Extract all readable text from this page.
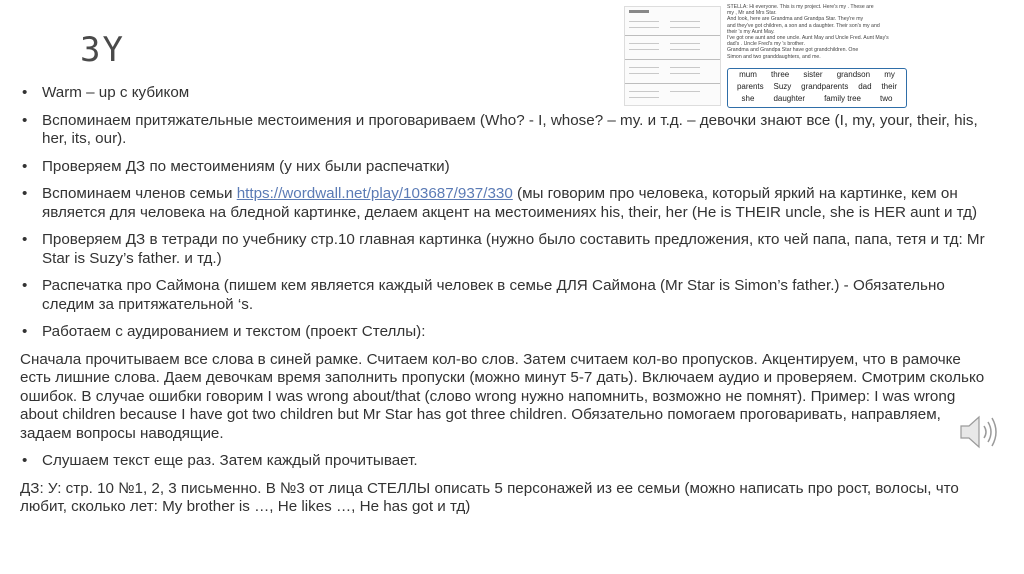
3Y
STELLA: Hi everyone. This is my project. Here's my . These are
my , Mr and Mrs Star.
And look, here are Grandma and Grandpa Star. They're my
and they've got children, a son and a daughter. Their son's my and
their 's my Aunt May.
I've got one aunt and one uncle. Aunt May and Uncle Fred. Aunt May's
dad's . Uncle Fred's my 's brother.
Grandma and Grandpa Star have got grandchildren. One
Simon and two granddaughters, and me.
mum three sister grandson my
parents Suzy grandparents dad their
she daughter family tree two
• Warm – up с кубиком
• Вспоминаем притяжательные местоимения и проговариваем (Who? - I, whose? – my. и т.д. – девочки знают все (I, my, your, their, his, her, its, our).
• Проверяем ДЗ по местоимениям (у них были распечатки)
• Вспоминаем членов семьи https://wordwall.net/play/103687/937/330 (мы говорим про человека, который яркий на картинке, кем он является для человека на бледной картинке, делаем акцент на местоимениях his, their, her (He is THEIR uncle, she is HER aunt и тд)
• Проверяем ДЗ в тетради по учебнику стр.10 главная картинка (нужно было составить предложения, кто чей папа, папа, тетя и тд: Mr Star is Suzy’s father. и тд.)
• Распечатка про Саймона (пишем кем является каждый человек в семье ДЛЯ Саймона (Mr Star is Simon’s father.) - Обязательно следим за притяжательной ‘s.
• Работаем с аудированием и текстом (проект Стеллы):
Сначала прочитываем все слова в синей рамке. Считаем кол-во слов. Затем считаем кол-во пропусков. Акцентируем, что в рамочке есть лишние слова. Даем девочкам время заполнить пропуски (можно минут 5-7 дать). Включаем аудио и проверяем. Смотрим сколько ошибок. В случае ошибки говорим I was wrong about/that (слово wrong нужно напомнить, возможно не помнят). Пример: I was wrong about children because I have got two children but Mr Star has got three children. Обязательно помогаем проговаривать, направляем, задаем вопросы наводящие.
• Слушаем текст еще раз. Затем каждый прочитывает.
ДЗ: У: стр. 10 №1, 2, 3 письменно. В №3 от лица СТЕЛЛЫ описать 5 персонажей из ее семьи (можно написать про рост, волосы, что любит, сколько лет: My brother is …, He likes …, He has got и тд)
